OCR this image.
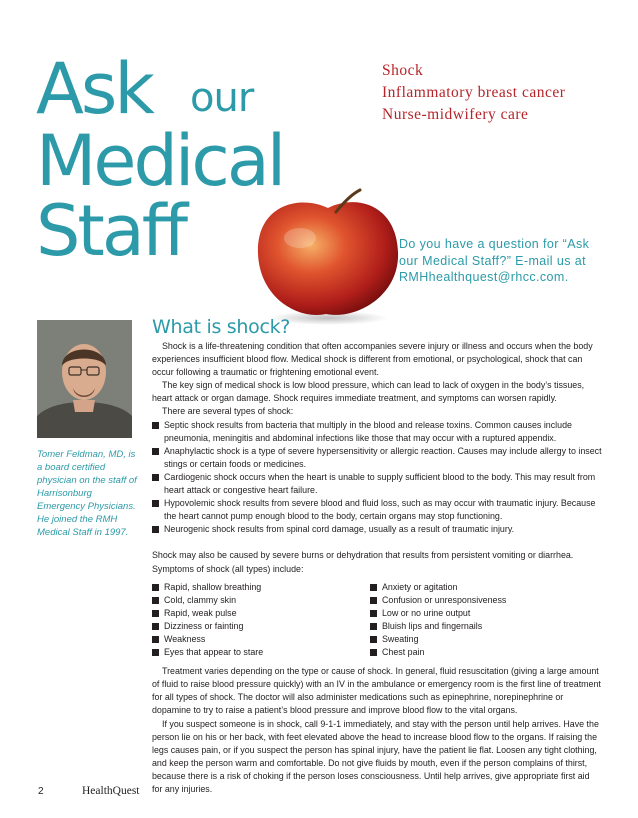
Ask our
Medical
Staff
Shock
Inflammatory breast cancer
Nurse-midwifery care
Do you have a question for “Ask
our Medical Staff?” E-mail us at
RMHhealthquest@rhcc.com.
Tomer Feldman, MD, is a board certified physician on the staff of Harrisonburg Emergency Physicians. He joined the RMH Medical Staff in 1997.
What is shock?

Shock is a life-threatening condition that often accompanies severe injury or illness and occurs when the body experiences insufficient blood flow. Medical shock is different from emotional, or psychological, shock that can occur following a traumatic or frightening emotional event.

The key sign of medical shock is low blood pressure, which can lead to lack of oxygen in the body’s tissues, heart attack or organ damage. Shock requires immediate treatment, and symptoms can worsen rapidly.

There are several types of shock:

Septic shock results from bacteria that multiply in the blood and release toxins. Common causes include pneumonia, meningitis and abdominal infections like those that may occur with a ruptured appendix.
Anaphylactic shock is a type of severe hypersensitivity or allergic reaction. Causes may include allergy to insect stings or certain foods or medicines.
Cardiogenic shock occurs when the heart is unable to supply sufficient blood to the body. This may result from heart attack or congestive heart failure.
Hypovolemic shock results from severe blood and fluid loss, such as may occur with traumatic injury. Because the heart cannot pump enough blood to the body, certain organs may stop functioning.
Neurogenic shock results from spinal cord damage, usually as a result of traumatic injury.

Shock may also be caused by severe burns or dehydration that results from persistent vomiting or diarrhea. Symptoms of shock (all types) include:

Rapid, shallow breathing
Cold, clammy skin
Rapid, weak pulse
Dizziness or fainting
Weakness
Eyes that appear to stare
Anxiety or agitation
Confusion or unresponsiveness
Low or no urine output
Bluish lips and fingernails
Sweating
Chest pain

Treatment varies depending on the type or cause of shock. In general, fluid resuscitation (giving a large amount of fluid to raise blood pressure quickly) with an IV in the ambulance or emergency room is the first line of treatment for all types of shock. The doctor will also administer medications such as epinephrine, norepinephrine or dopamine to try to raise a patient’s blood pressure and improve blood flow to the vital organs.

If you suspect someone is in shock, call 9-1-1 immediately, and stay with the person until help arrives. Have the person lie on his or her back, with feet elevated above the head to increase blood flow to the organs. If raising the legs causes pain, or if you suspect the person has spinal injury, have the patient lie flat. Loosen any tight clothing, and keep the person warm and comfortable. Do not give fluids by mouth, even if the person complains of thirst, because there is a risk of choking if the person loses consciousness. Until help arrives, give appropriate first aid for any injuries.

2	HealthQuest
